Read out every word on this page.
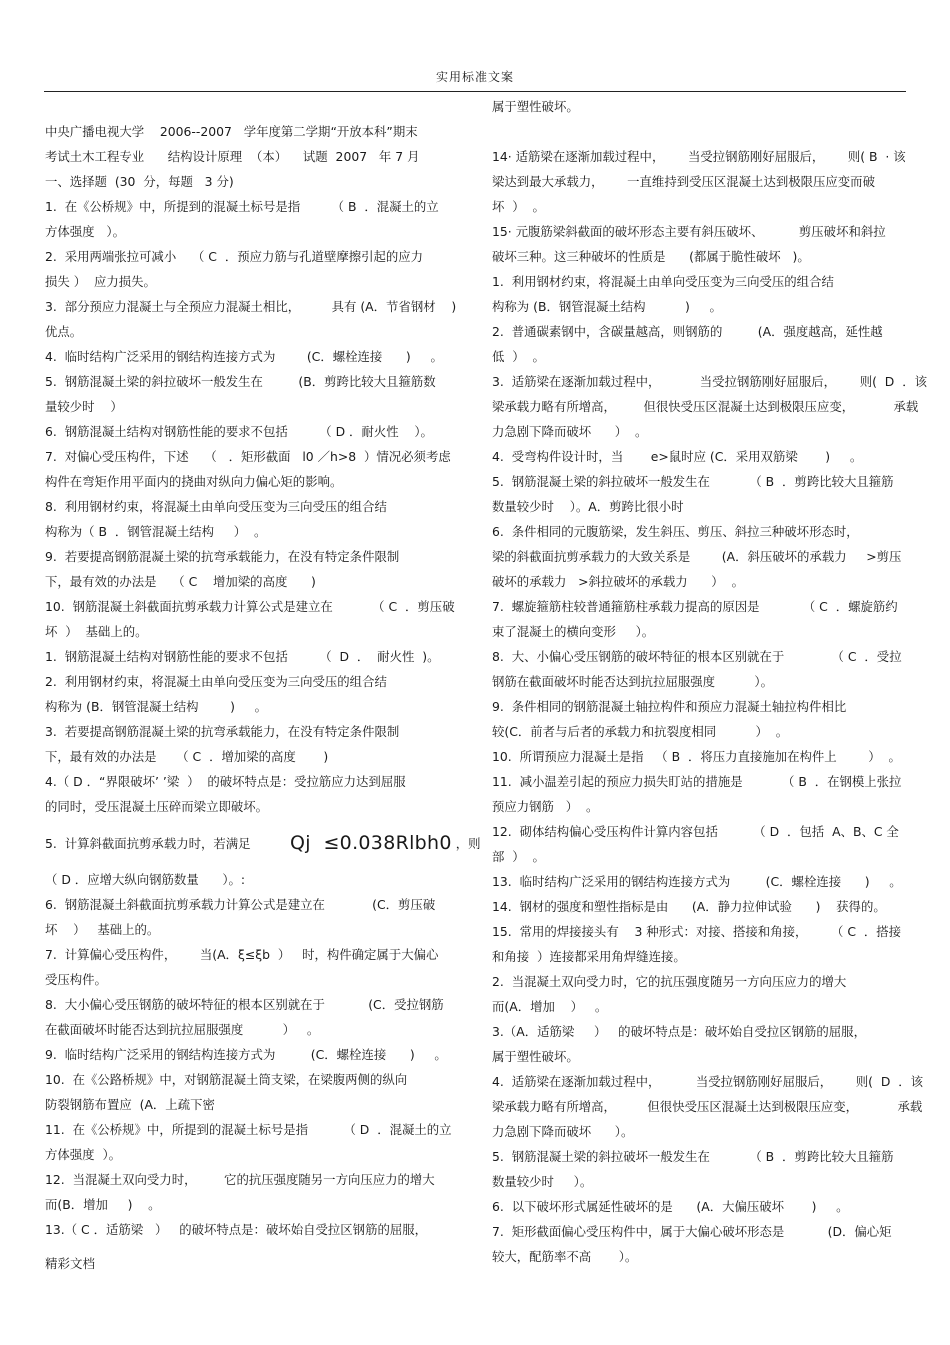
实用标准文案
中央广播电视大学    2006--2007   学年度第二学期“开放本科”期末
考试土木工程专业      结构设计原理  （本）    试题  2007   年 7 月
一、选择题  (30  分，每题   3 分)
1.  在《公桥规》中，所提到的混凝土标号是指        （ B  ．混凝土的立
方体强度   ）。
2.  采用两端张拉可减小    （ C  ．预应力筋与孔道壁摩擦引起的应力
损失 ）  应力损失。
3.  部分预应力混凝土与全预应力混凝土相比，        具有 (A．节省钢材    )
优点。
4.  临时结构广泛采用的钢结构连接方式为        (C．螺栓连接      )     。
5.  钢筋混凝土梁的斜拉破坏一般发生在         (B．剪跨比较大且箍筋数
量较少时    ）
6.  钢筋混凝土结构对钢筋性能的要求不包括        （ D ．耐火性    ）。
7.  对偏心受压构件，下述    （   ．矩形截面   l0 ／h>8  ）情况必须考虑
构件在弯矩作用平面内的挠曲对纵向力偏心矩的影响。
8.  利用钢材约束，将混凝土由单向受压变为三向受压的组合结
构称为（ B  ．钢管混凝土结构     ）  。
9.  若要提高钢筋混凝土梁的抗弯承载能力，在没有特定条件限制
下，最有效的办法是    （ C    增加梁的高度      )
10.  钢筋混凝土斜截面抗剪承载力计算公式是建立在          （ C  ．剪压破
坏  ）  基础上的。
1.  钢筋混凝土结构对钢筋性能的要求不包括        （  D  ．  耐火性  )。
2.  利用钢材约束，将混凝土由单向受压变为三向受压的组合结
构称为 (B．钢管混凝土结构        )     。
3.  若要提高钢筋混凝土梁的抗弯承载能力，在没有特定条件限制
下，最有效的办法是     （ C  ．增加梁的高度       )
4.（ D ．“界限破坏’ ’梁  ）  的破坏特点是：受拉筋应力达到屈服
的同时，受压混凝土压碎而梁立即破坏。
5.  计算斜截面抗剪承载力时，若满足 Qj  ≤0.038Rlbh0 ，则
（ D ．应增大纵向钢筋数量      ）。:
6.  钢筋混凝土斜截面抗剪承载力计算公式是建立在            (C．剪压破
坏    ）   基础上的。
7.  计算偏心受压构件，      当(A．ξ≤ξb  ）   时，构件确定属于大偏心
受压构件。
8.  大小偏心受压钢筋的破坏特征的根本区别就在于           (C．受拉钢筋
在截面破坏时能否达到抗拉屈服强度          ）   。
9.  临时结构广泛采用的钢结构连接方式为         (C．螺栓连接      )     。
10.  在《公路桥规》中，对钢筋混凝土筒支梁，在梁腹两侧的纵向
防裂钢筋布置应  (A．上疏下密
11.  在《公桥规》中，所提到的混凝土标号是指         （ D  ．混凝土的立
方体强度  ）。
12.  当混凝土双向受力时，       它的抗压强度随另一方向压应力的增大
而(B．增加     )    。
13.（ C ．适筋梁   ）   的破坏特点是：破坏始自受拉区钢筋的屈服，
属于塑性破坏。
14· 适筋梁在逐渐加载过程中，      当受拉钢筋刚好屈服后，      则( B  · 该
梁达到最大承载力，      一直维持到受压区混凝土达到极限压应变而破
坏  ）  。
15· 元腹筋梁斜截面的破坏形态主要有斜压破坏、         剪压破坏和斜拉
破坏三种。这三种破坏的性质是      (都属于脆性破坏   )。
1.  利用钢材约束，将混凝土由单向受压变为三向受压的组合结
构称为 (B．钢管混凝土结构          )     。
2.  普通碳素钢中，含碳量越高，则钢筋的         (A．强度越高，延性越
低  ）  。
3.  适筋梁在逐渐加载过程中，          当受拉钢筋刚好屈服后，      则(  D  ．该
梁承载力略有所增高，       但很快受压区混凝土达到极限压应变，          承载
力急剧下降而破坏      ）  。
4.  受弯构件设计时，当       e>鼠时应 (C．采用双筋梁       )     。
5.  钢筋混凝土梁的斜拉破坏一般发生在          （ B  ．剪跨比较大且箍筋
数量较少时    ）。A．剪跨比很小时
6.  条件相同的元腹筋梁，发生斜压、剪压、斜拉三种破坏形态时，
梁的斜截面抗剪承载力的大致关系是        (A．斜压破坏的承载力     >剪压
破坏的承载力   >斜拉破坏的承载力      ）  。
7.  螺旋箍筋柱较普通箍筋柱承载力提高的原因是           （ C  ．螺旋筋约
束了混凝土的横向变形     ）。
8.  大、小偏心受压钢筋的破坏特征的根本区别就在于            （ C  ．受拉
钢筋在截面破坏时能否达到抗拉屈服强度          ）。
9.  条件相同的钢筋混凝土轴拉构件和预应力混凝土轴拉构件相比
较(C．前者与后者的承载力和抗裂度相同          ）  。
10.  所谓预应力混凝土是指   （ B  ．将压力直接施加在构件上        ）  。
11.  减小温差引起的预应力损失盯站的措施是          （ B  ．在钢模上张拉
预应力钢筋   ）  。
12.  砌体结构偏心受压构件计算内容包括         （ D  ．包括  A、B、C 全
部  ）  。
13.  临时结构广泛采用的钢结构连接方式为         (C．螺栓连接      )     。
14.  钢材的强度和塑性指标是由      (A．静力拉伸试验      )    获得的。
15.  常用的焊接接头有    3 种形式：对接、搭接和角接，      （ C  ．搭接
和角接  ）连接都采用角焊缝连接。
2.  当混凝土双向受力时，它的抗压强度随另一方向压应力的增大
而(A．增加    ）   。
3.（A．适筋梁     ）   的破坏特点是：破坏始自受拉区钢筋的屈服，
属于塑性破坏。
4.  适筋梁在逐渐加载过程中，         当受拉钢筋刚好屈服后，      则(  D  ．该
梁承载力略有所增高，        但很快受压区混凝土达到极限压应变，          承载
力急剧下降而破坏      ）。
5.  钢筋混凝土梁的斜拉破坏一般发生在          （ B  ．剪跨比较大且箍筋
数量较少时     ）。
6.  以下破坏形式属延性破坏的是      (A．大偏压破坏       )     。
7.  矩形截面偏心受压构件中，属于大偏心破坏形态是           (D．偏心矩
较大，配筋率不高       ）。
精彩文档
